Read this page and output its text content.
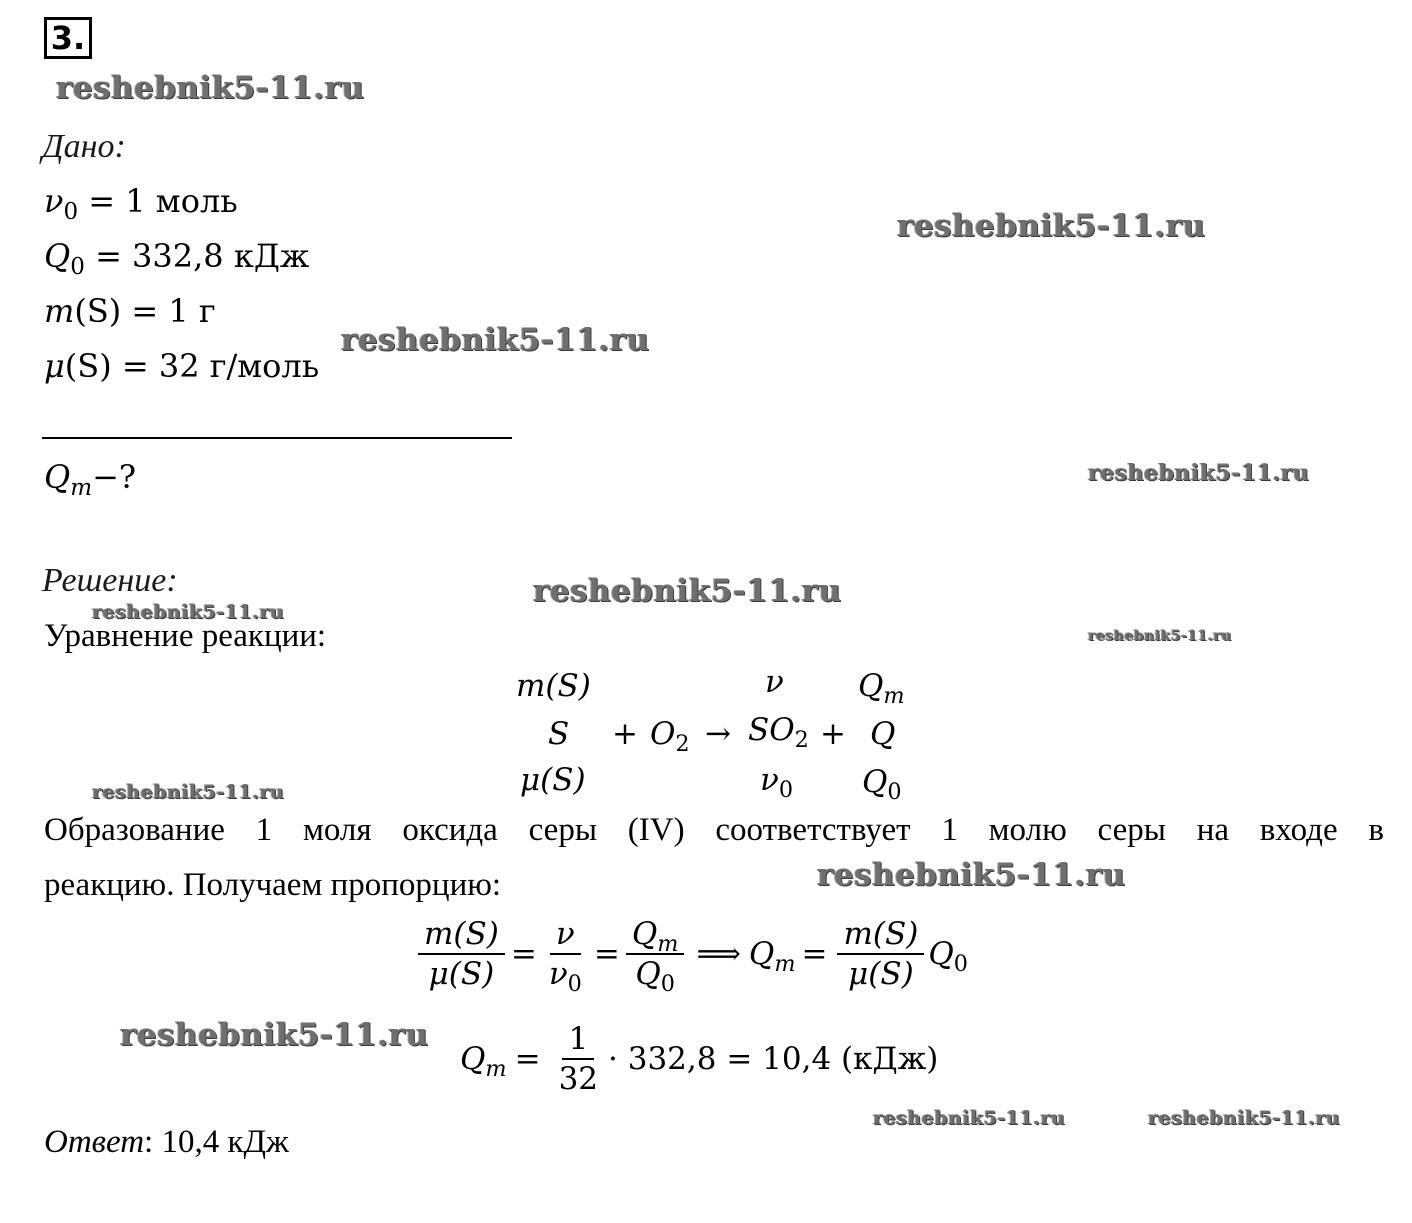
3.
reshebnik5-11.ru
reshebnik5-11.ru
reshebnik5-11.ru
reshebnik5-11.ru
reshebnik5-11.ru
reshebnik5-11.ru
reshebnik5-11.ru
reshebnik5-11.ru
reshebnik5-11.ru
reshebnik5-11.ru
reshebnik5-11.ru	reshebnik5-11.ru
Дано:
$\nu_0 = 1$ моль
$Q_0 = 332,8$ кДж
m(S) = 1 г
μ(S) = 32 г/моль
$Q_m-$?
Решение:
Уравнение реакции:
m(S)	ν $Q_m$
$S + O_2 \to SO_2 + Q$
μ(S)	$\nu_0$ $Q_0$
Образование 1 моля оксида серы (IV) соответствует 1 молю серы на входе в
реакцию. Получаем пропорцию:
$\frac{m(S)}{\mu(S)} = \frac{\nu}{\nu_0} = \frac{Q_m}{Q_0}$ ⟹ $Q_m = \frac{m(S)}{\mu(S)} Q_0$
$Q_m = \frac{1}{32} \cdot 332,8 = 10,4$ (кДж)
Ответ: 10,4 кДж
